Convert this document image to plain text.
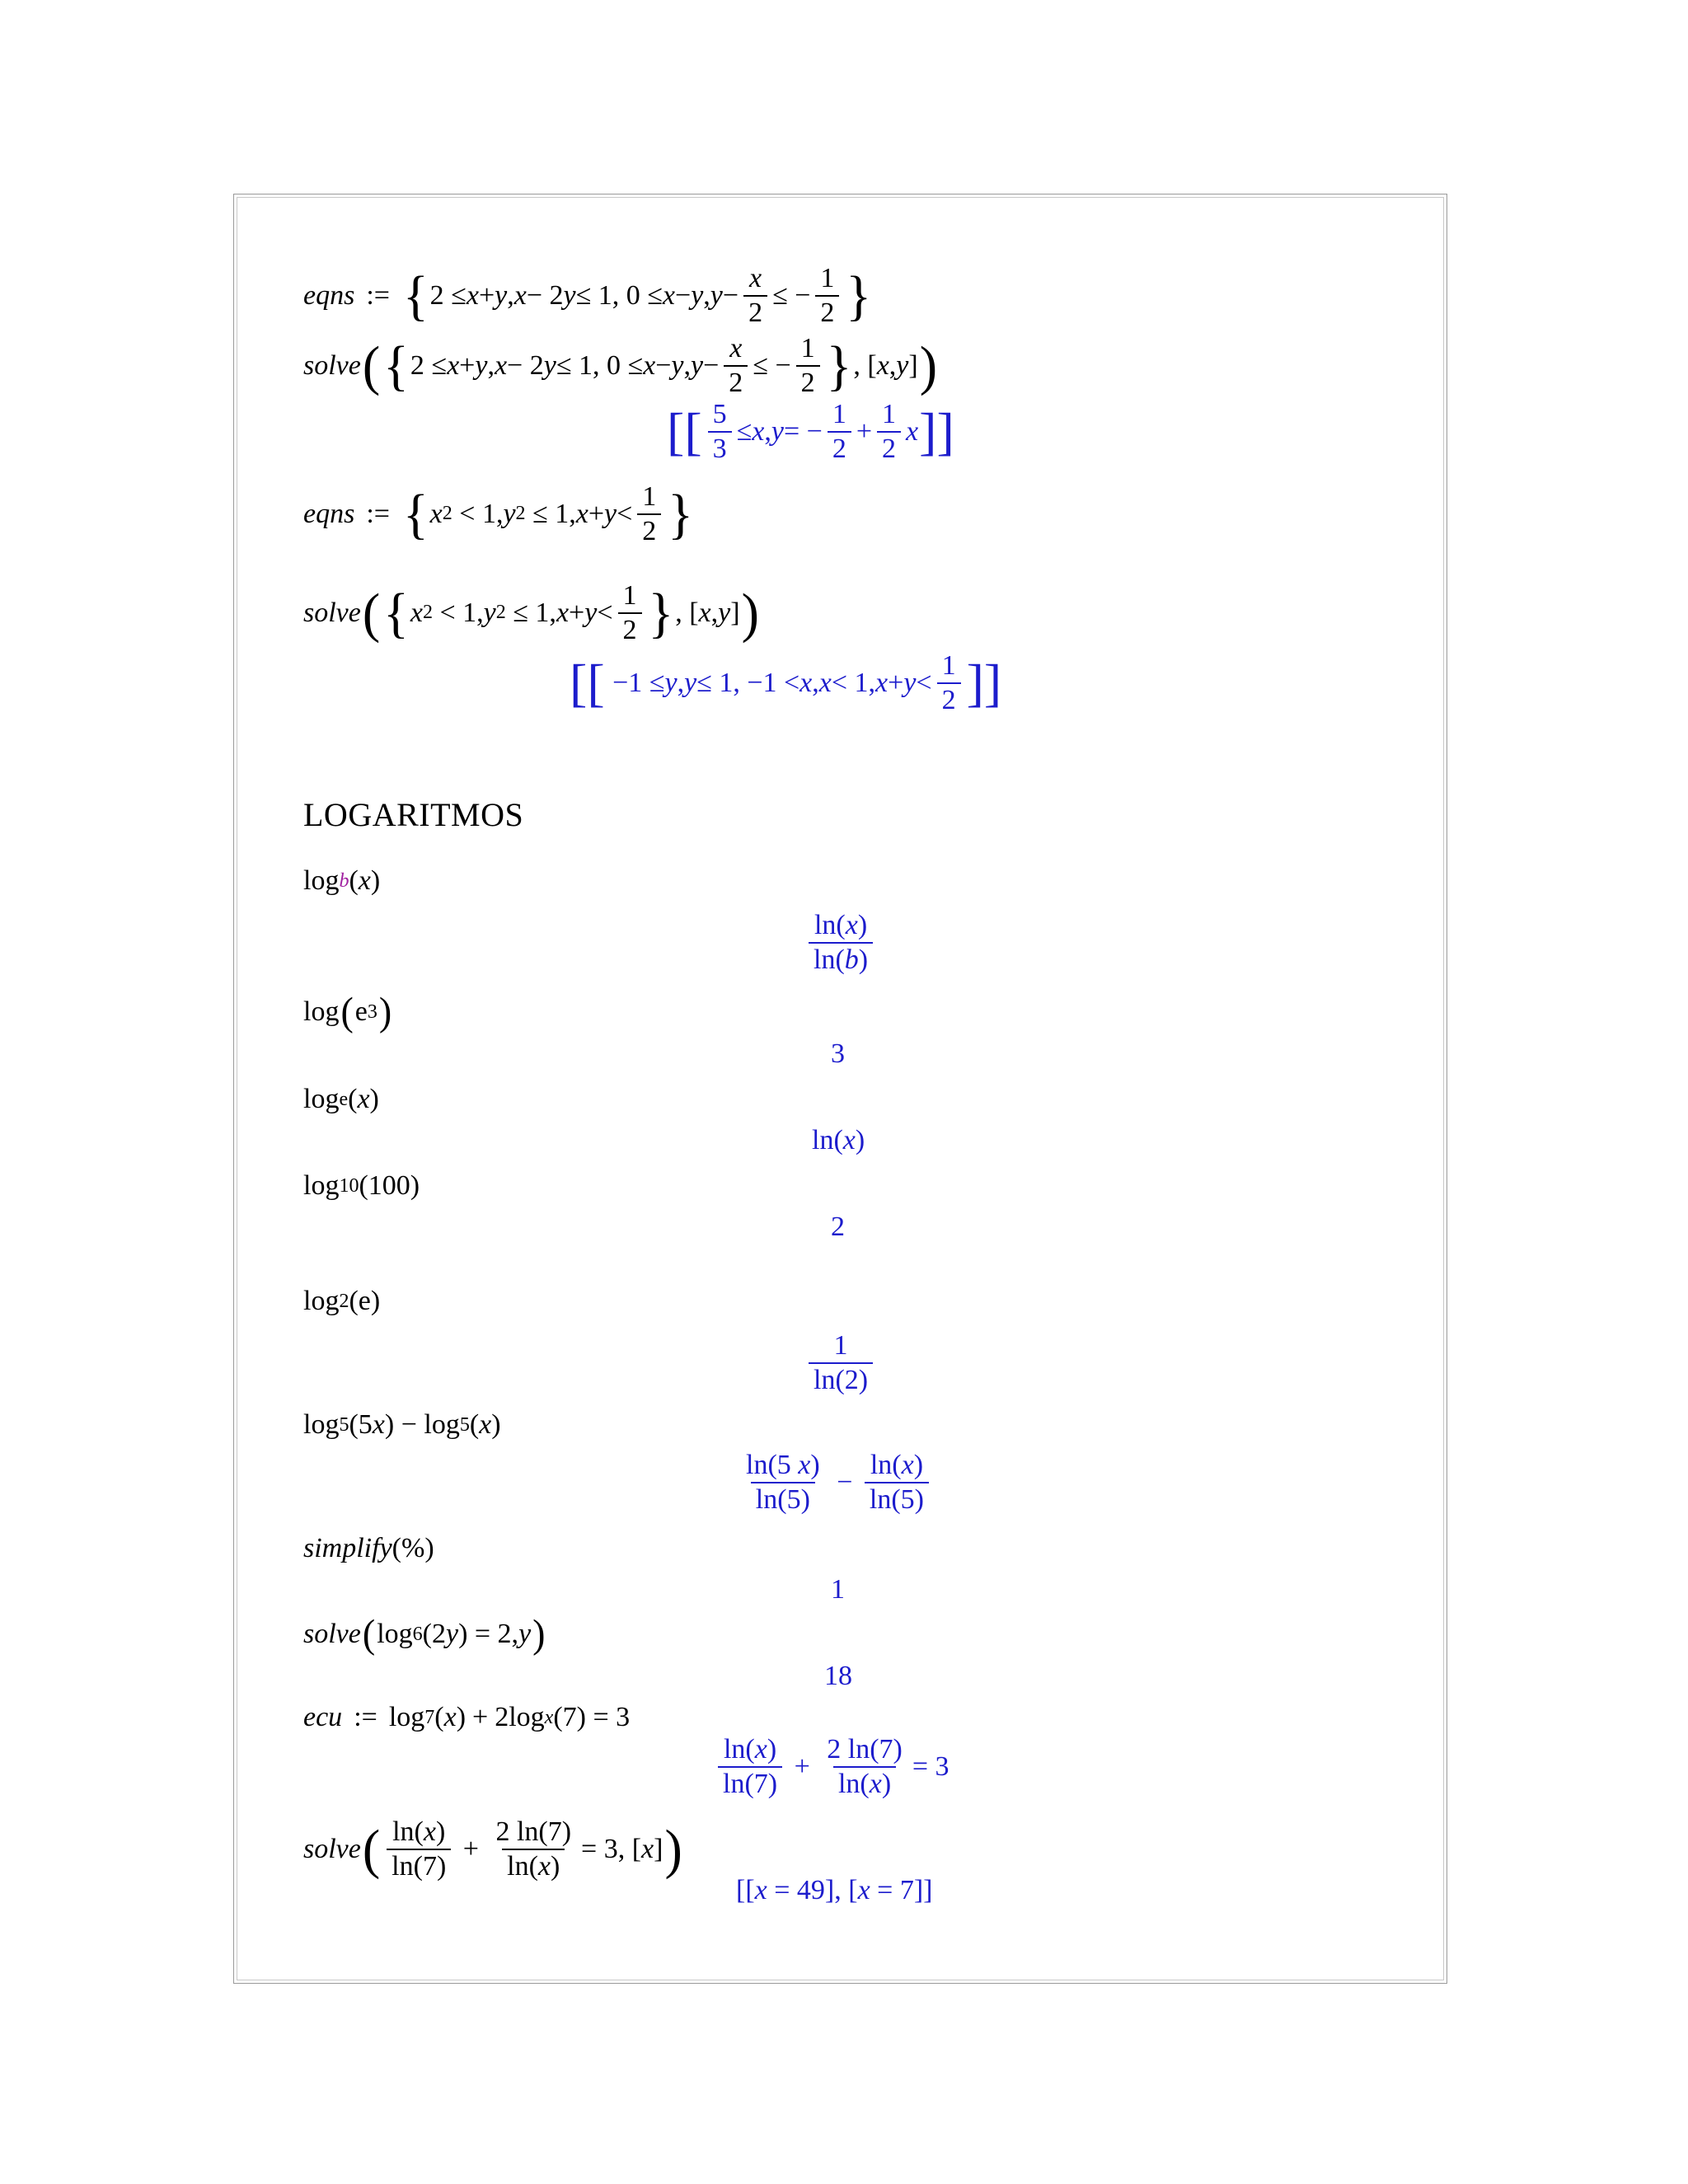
eqns := { 2 ≤ x + y , x − 2 y ≤ 1, 0 ≤ x − y , $y - \frac{x}{2}$ ≤ − $\frac{1}{2}$ }
solve ( { 2 ≤ x + y , x − 2 y ≤ 1, 0 ≤ x − y , $y - \frac{x}{2}$ ≤ − $\frac{1}{2}$ } , [ x , y ] )
[[ $\frac{5}{3} \le x$ , y = − $\frac{1}{2} + \frac{1}{2}$ x ]]
eqns := { x 2 < 1, y 2 ≤ 1, $x + y < \frac{1}{2}$ }
solve ( { x 2 < 1, y 2 ≤ 1, $x + y < \frac{1}{2}$ } , [ x , y ] )
[[ −1 ≤ y , y ≤ 1, −1 < x , x < 1, $x + y < \frac{1}{2}$ ]]
LOGARITMOS
log b ( x )
$\frac{\ln(x)}{\ln(b)}$
log ( e 3 )
3
log e ( x )
ln( x )
log 10 (100)
2
log 2 (e)
$\frac{1}{\ln(2)}$
log 5 (5 x ) − log 5 ( x )
$\frac{\ln(5 x)}{\ln(5)} - \frac{\ln(x)}{\ln(5)}$
simplify (%)
1
solve ( log 6 (2 y ) = 2, y )
18
ecu := log 7 ( x )
+
2log x (7) = 3
$\frac{\ln(x)}{\ln(7)} + \frac{2 \ln(7)}{\ln(x)} = 3$
solve ( $\frac{\ln(x)}{\ln(7)} + \frac{2 \ln(7)}{\ln(x)} = 3$, [ x ] )
[[ x = 49], [ x = 7]]
